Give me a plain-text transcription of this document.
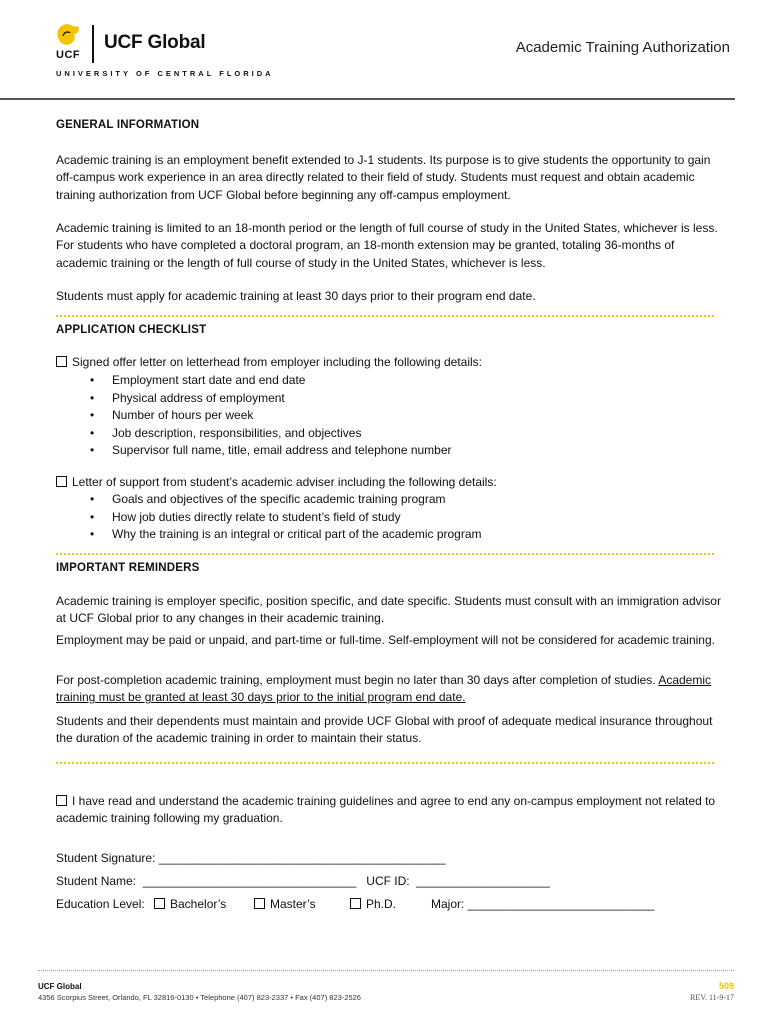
UCF
UCF Global
UNIVERSITY OF CENTRAL FLORIDA
Academic Training Authorization
GENERAL INFORMATION
Academic training is an employment benefit extended to J-1 students. Its purpose is to give students the opportunity to gain off-campus work experience in an area directly related to their field of study. Students must request and obtain academic training authorization from UCF Global before beginning any off-campus employment.
Academic training is limited to an 18-month period or the length of full course of study in the United States, whichever is less. For students who have completed a doctoral program, an 18-month extension may be granted, totaling 36-months of academic training or the length of full course of study in the United States, whichever is less.
Students must apply for academic training at least 30 days prior to their program end date.
APPLICATION CHECKLIST
Signed offer letter on letterhead from employer including the following details:
• Employment start date and end date
• Physical address of employment
• Number of hours per week
• Job description, responsibilities, and objectives
• Supervisor full name, title, email address and telephone number
Letter of support from student’s academic adviser including the following details:
• Goals and objectives of the specific academic training program
• How job duties directly relate to student’s field of study
• Why the training is an integral or critical part of the academic program
IMPORTANT REMINDERS
Academic training is employer specific, position specific, and date specific. Students must consult with an immigration advisor at UCF Global prior to any changes in their academic training.
Employment may be paid or unpaid, and part-time or full-time. Self-employment will not be considered for academic training.
For post-completion academic training, employment must begin no later than 30 days after completion of studies. Academic training must be granted at least 30 days prior to the initial program end date.
Students and their dependents must maintain and provide UCF Global with proof of adequate medical insurance throughout the duration of the academic training in order to maintain their status.
I have read and understand the academic training guidelines and agree to end any on-campus employment not related to academic training following my graduation.
Student Signature: ___________________________________________
Student Name:  ________________________________   UCF ID:  ____________________
Education Level:	Bachelor’s	Master’s	Ph.D.	Major: ____________________________
UCF Global
4356 Scorpius Street, Orlando, FL 32816-0130 • Telephone (407) 823-2337 • Fax (407) 823-2526
509
REV. 11-9-17
